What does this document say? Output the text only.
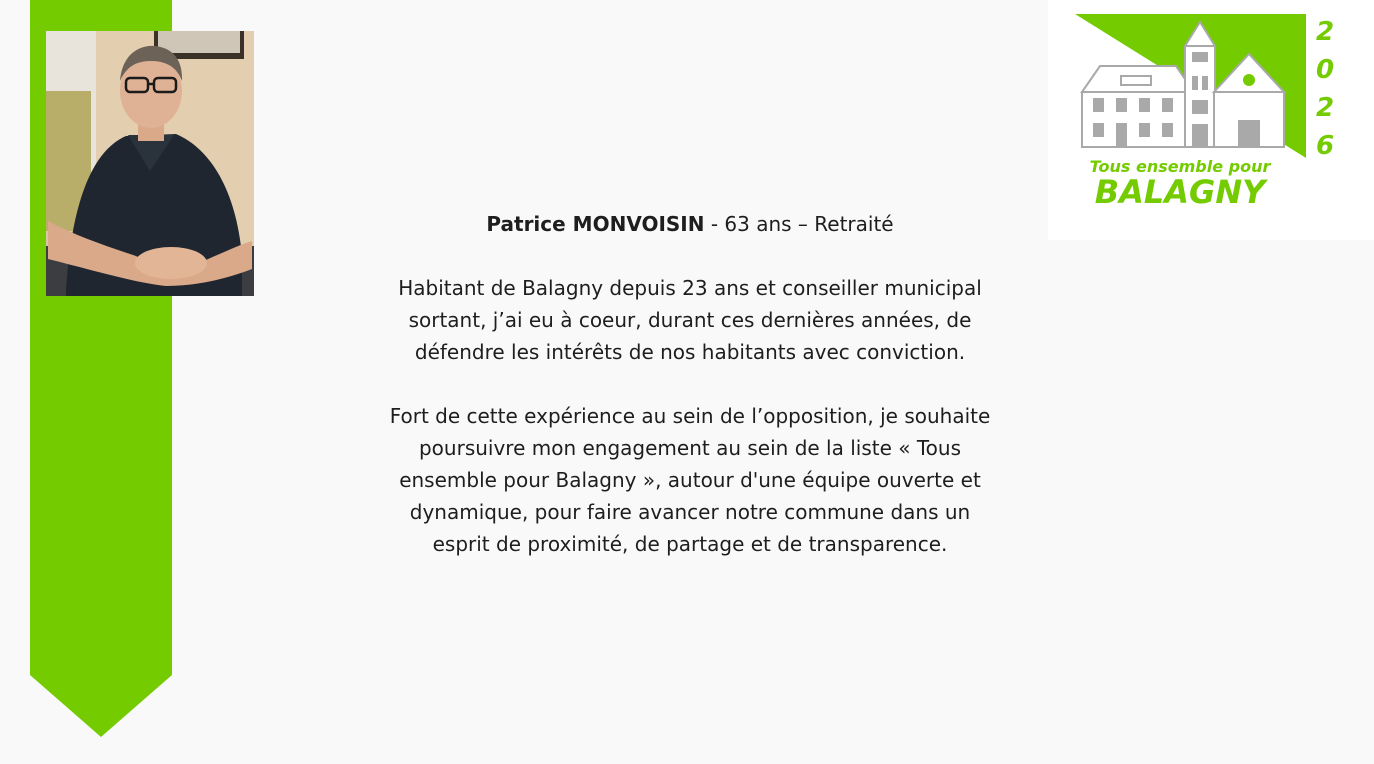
2
0
2
6
Tous ensemble pour
BALAGNY

Patrice MONVOISIN - 63 ans – Retraité

Habitant de Balagny depuis 23 ans et conseiller municipal
sortant, j’ai eu à coeur, durant ces dernières années, de
défendre les intérêts de nos habitants avec conviction.

Fort de cette expérience au sein de l’opposition, je souhaite
poursuivre mon engagement au sein de la liste « Tous
ensemble pour Balagny », autour d'une équipe ouverte et
dynamique, pour faire avancer notre commune dans un
esprit de proximité, de partage et de transparence.
